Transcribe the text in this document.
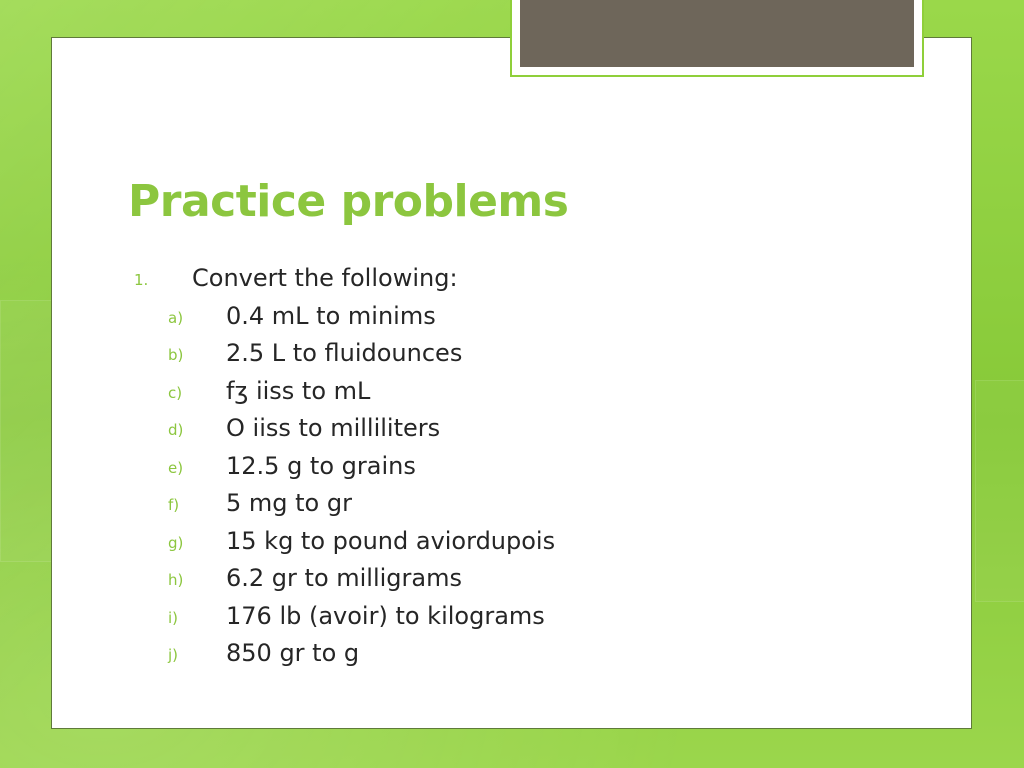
Practice problems
1. Convert the following:
a) 0.4 mL to minims
b) 2.5 L to fluidounces
c) fʒ iiss to mL
d) O iiss to milliliters
e) 12.5 g to grains
f) 5 mg to gr
g) 15 kg to pound aviordupois
h) 6.2 gr to milligrams
i) 176 lb (avoir) to kilograms
j) 850 gr to g
